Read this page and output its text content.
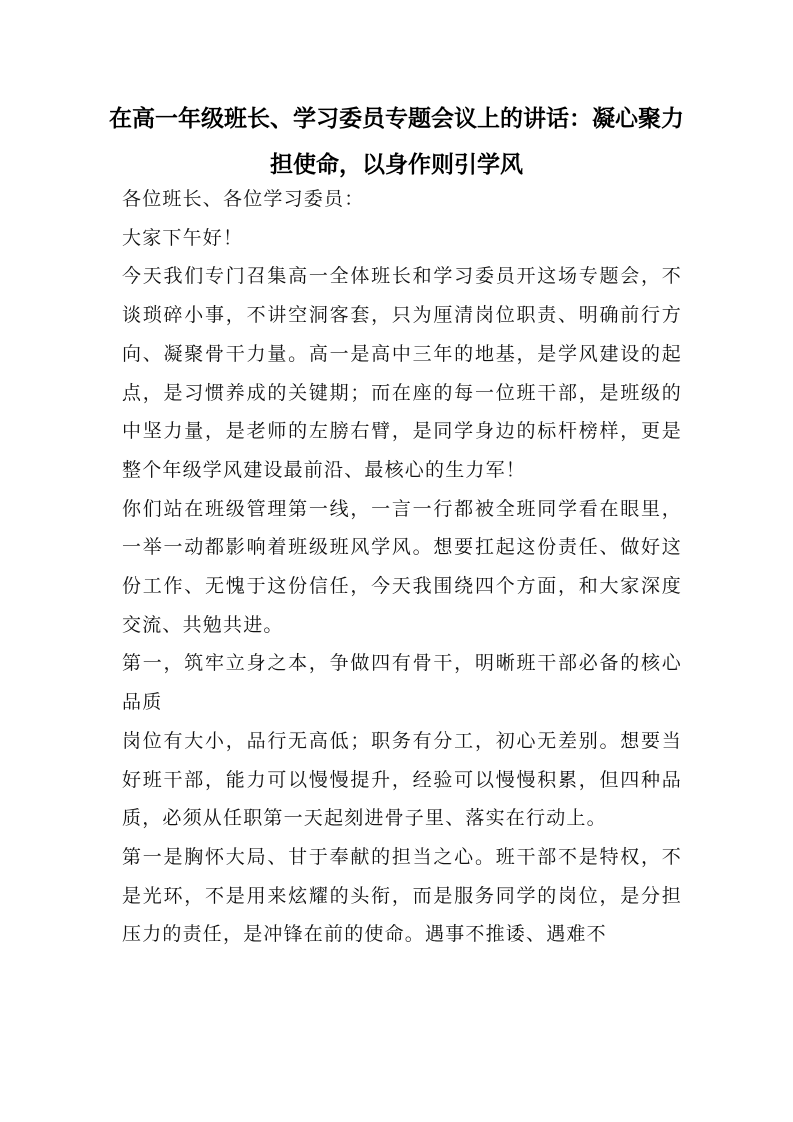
在高一年级班长、学习委员专题会议上的讲话：凝心聚力担使命，以身作则引学风

各位班长、各位学习委员：

大家下午好！

今天我们专门召集高一全体班长和学习委员开这场专题会，不谈琐碎小事，不讲空洞客套，只为厘清岗位职责、明确前行方向、凝聚骨干力量。高一是高中三年的地基，是学风建设的起点，是习惯养成的关键期；而在座的每一位班干部，是班级的中坚力量，是老师的左膀右臂，是同学身边的标杆榜样，更是整个年级学风建设最前沿、最核心的生力军！

你们站在班级管理第一线，一言一行都被全班同学看在眼里，一举一动都影响着班级班风学风。想要扛起这份责任、做好这份工作、无愧于这份信任，今天我围绕四个方面，和大家深度交流、共勉共进。

第一，筑牢立身之本，争做四有骨干，明晰班干部必备的核心品质

岗位有大小，品行无高低；职务有分工，初心无差别。想要当好班干部，能力可以慢慢提升，经验可以慢慢积累，但四种品质，必须从任职第一天起刻进骨子里、落实在行动上。

第一是胸怀大局、甘于奉献的担当之心。班干部不是特权，不是光环，不是用来炫耀的头衔，而是服务同学的岗位，是分担压力的责任，是冲锋在前的使命。遇事不推诿、遇难不
